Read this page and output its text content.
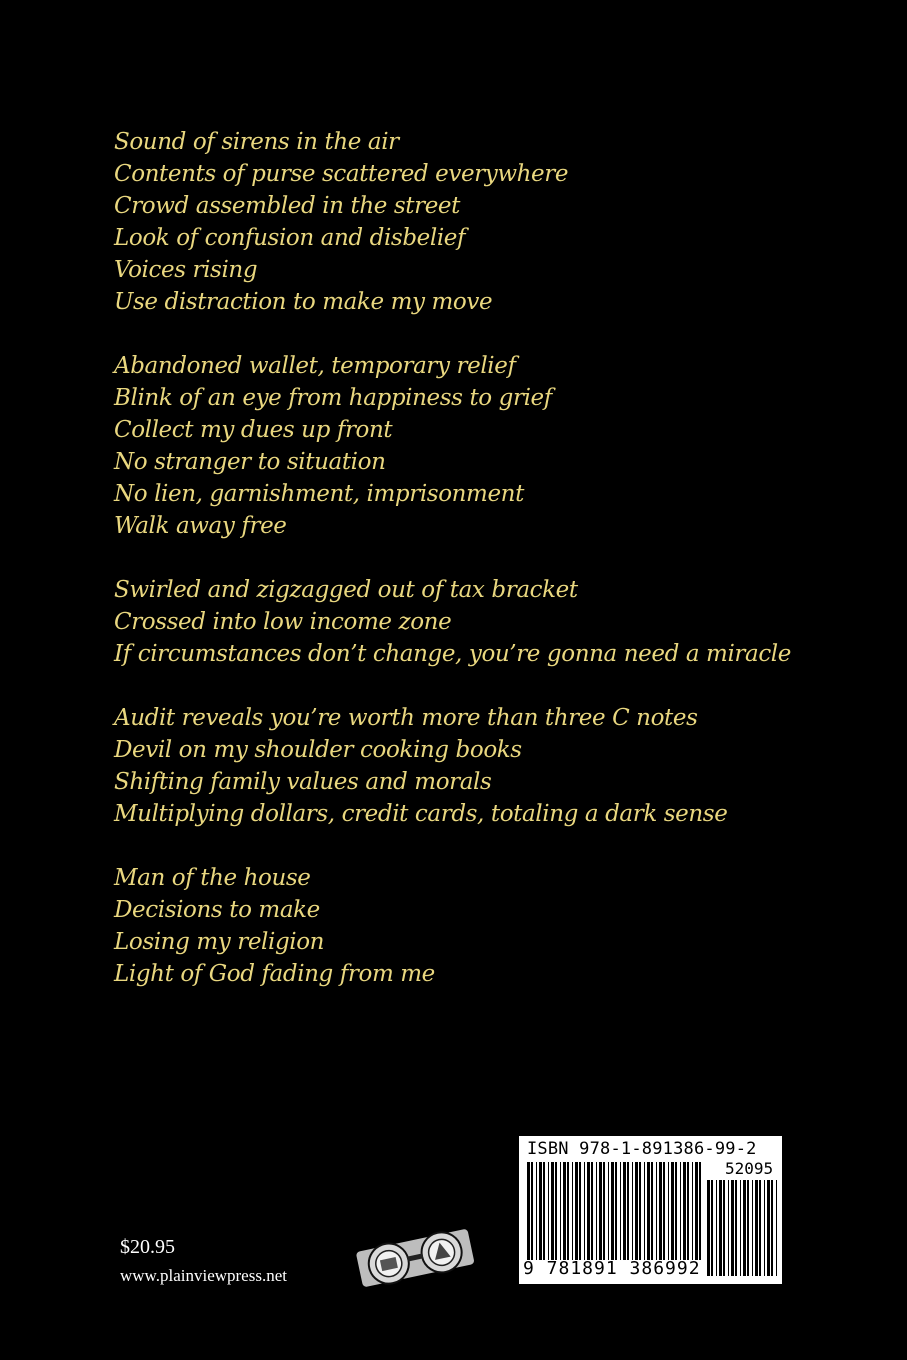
Sound of sirens in the air
Contents of purse scattered everywhere
Crowd assembled in the street
Look of confusion and disbelief
Voices rising
Use distraction to make my move
Abandoned wallet, temporary relief
Blink of an eye from happiness to grief
Collect my dues up front
No stranger to situation
No lien, garnishment, imprisonment
Walk away free
Swirled and zigzagged out of tax bracket
Crossed into low income zone
If circumstances don’t change, you’re gonna need a miracle
Audit reveals you’re worth more than three C notes
Devil on my shoulder cooking books
Shifting family values and morals
Multiplying dollars, credit cards, totaling a dark sense
Man of the house
Decisions to make
Losing my religion
Light of God fading from me
$20.95
www.plainviewpress.net
ISBN 978-1-891386-99-2
52095
9 781891 386992
